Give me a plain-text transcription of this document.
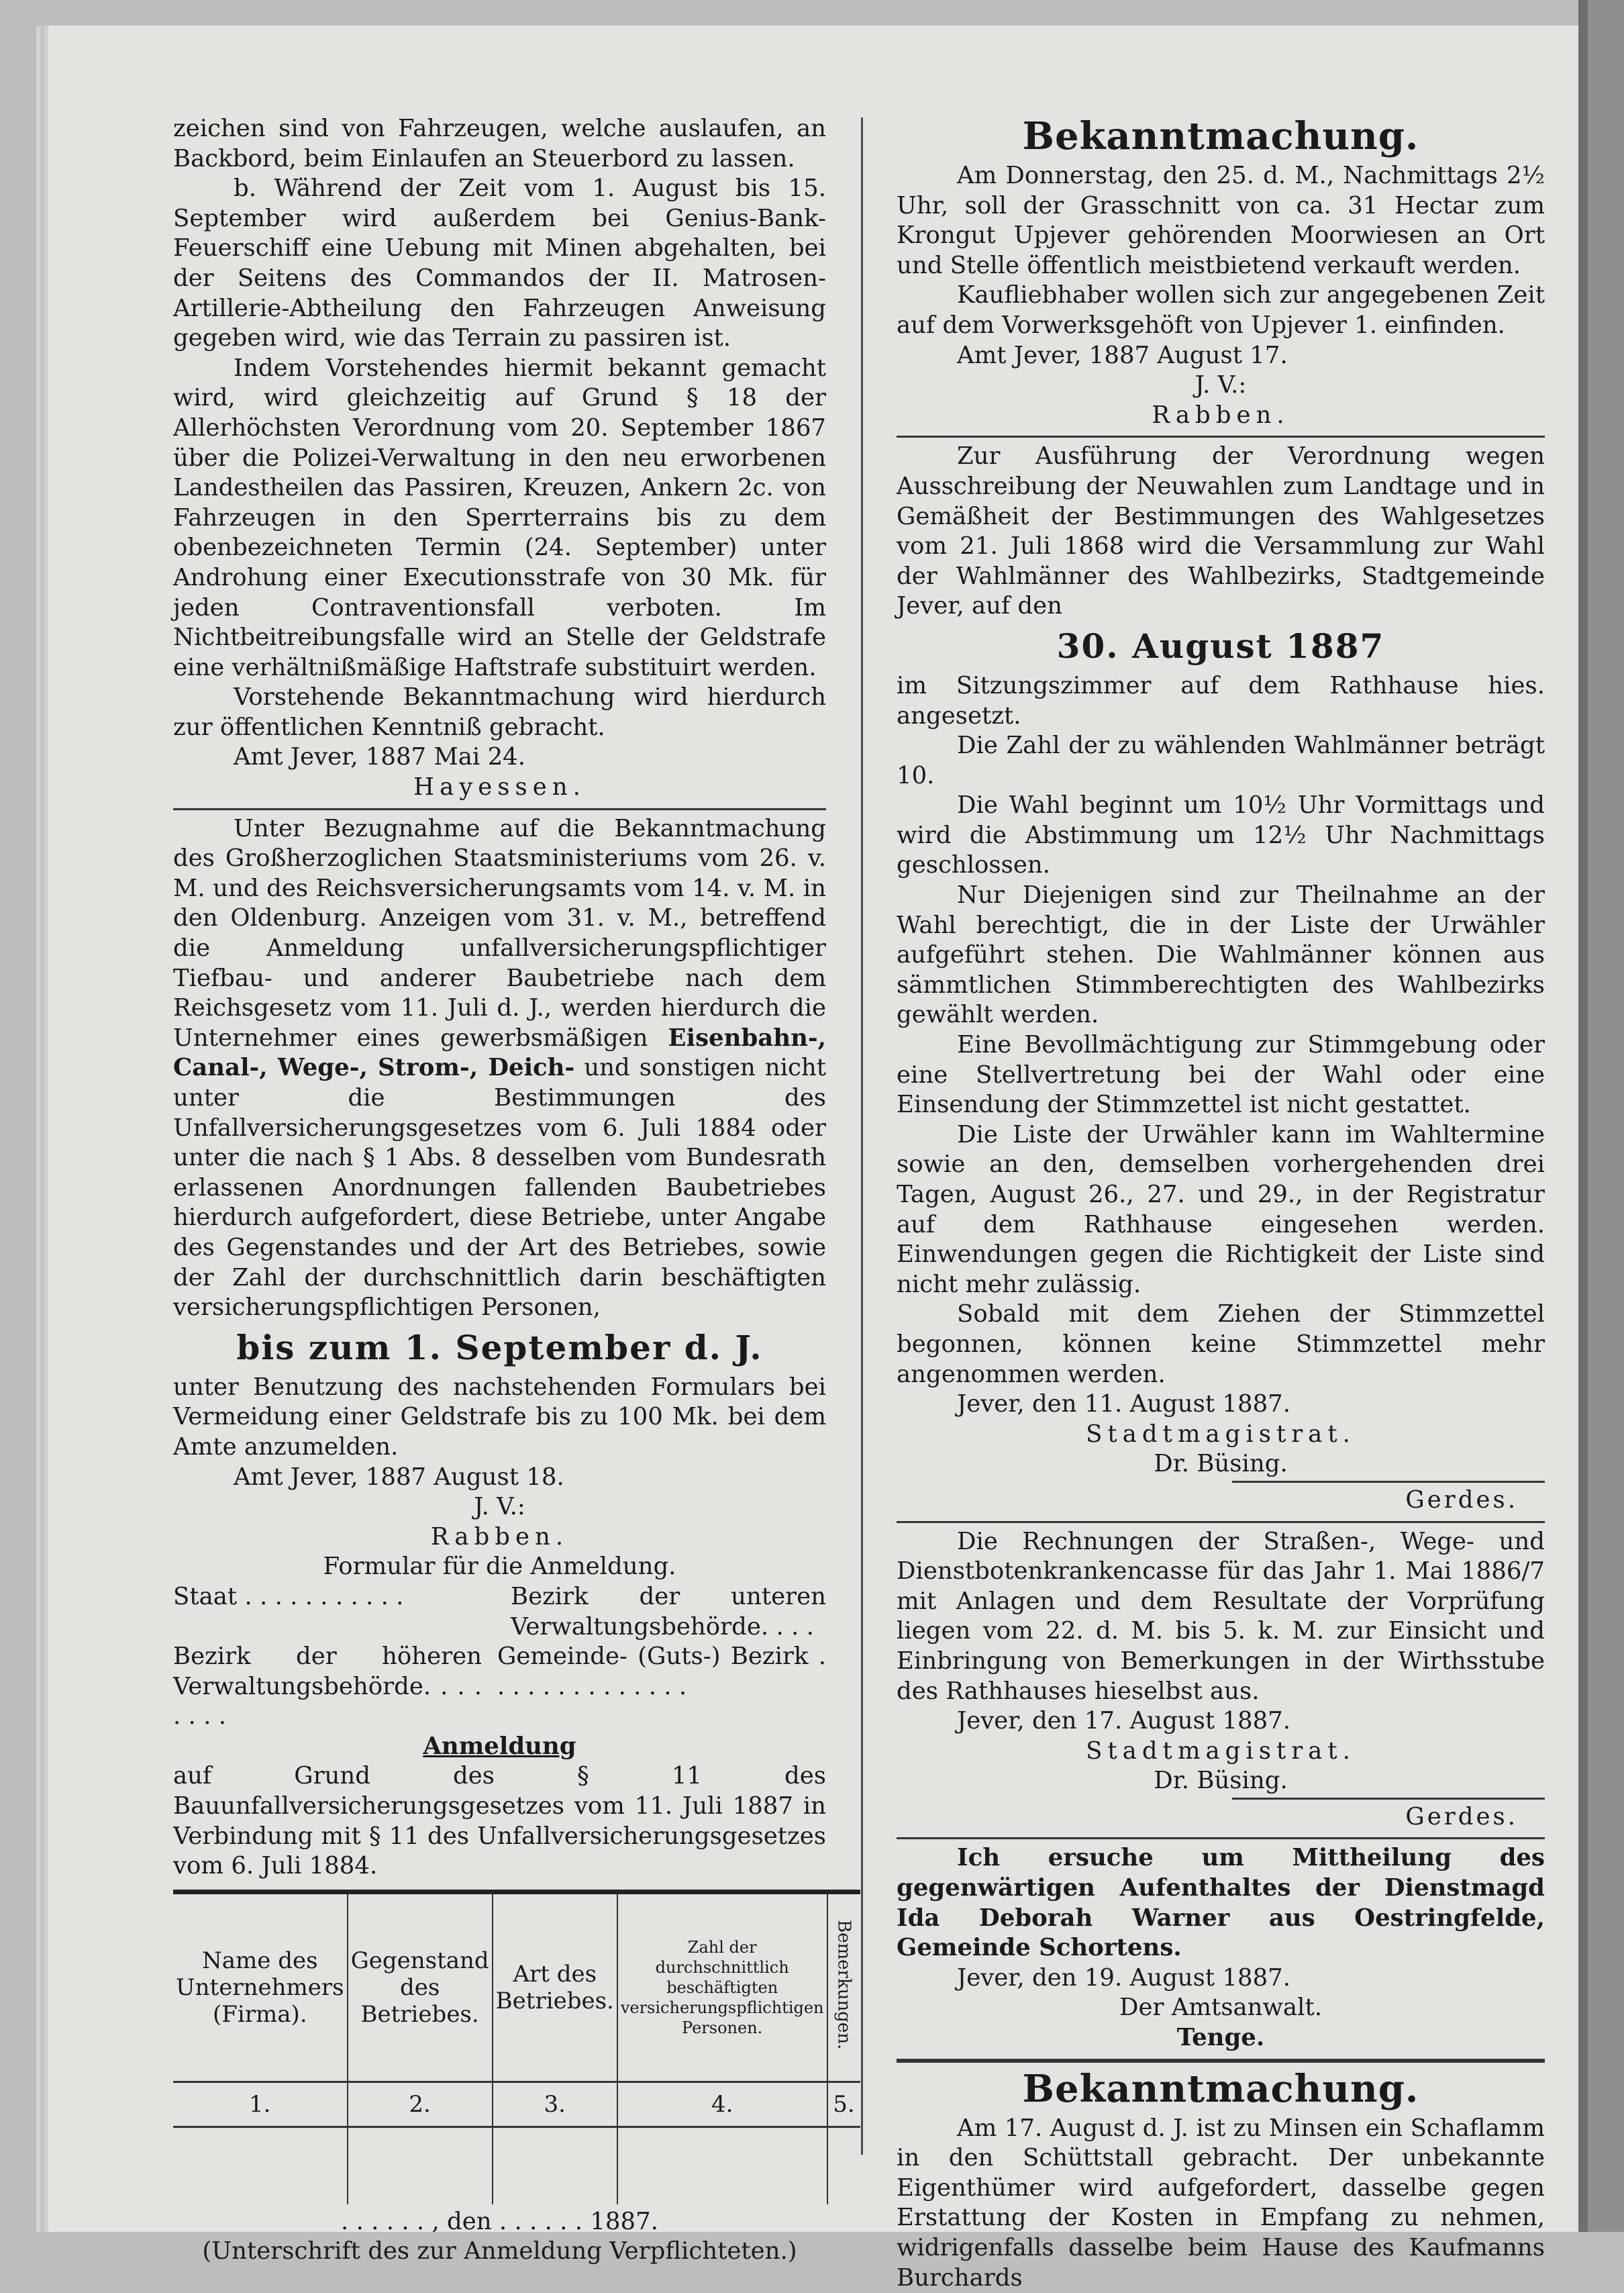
zeichen sind von Fahrzeugen, welche auslaufen, an Backbord, beim Einlaufen an Steuerbord zu lassen.

b. Während der Zeit vom 1. August bis 15. September wird außerdem bei Genius-Bank-Feuerschiff eine Uebung mit Minen abgehalten, bei der Seitens des Commandos der II. Matrosen-Artillerie-Abtheilung den Fahrzeugen Anweisung gegeben wird, wie das Terrain zu passiren ist.

Indem Vorstehendes hiermit bekannt gemacht wird, wird gleichzeitig auf Grund § 18 der Allerhöchsten Verordnung vom 20. September 1867 über die Polizei-Verwaltung in den neu erworbenen Landestheilen das Passiren, Kreuzen, Ankern 2c. von Fahrzeugen in den Sperrterrains bis zu dem obenbezeichneten Termin (24. September) unter Androhung einer Executionsstrafe von 30 Mk. für jeden Contraventionsfall verboten. Im Nichtbeitreibungsfalle wird an Stelle der Geldstrafe eine verhältnißmäßige Haftstrafe substituirt werden.

Vorstehende Bekanntmachung wird hierdurch zur öffentlichen Kenntniß gebracht.

Amt Jever, 1887 Mai 24.

Hayessen.

Unter Bezugnahme auf die Bekanntmachung des Großherzoglichen Staatsministeriums vom 26. v. M. und des Reichsversicherungsamts vom 14. v. M. in den Oldenburg. Anzeigen vom 31. v. M., betreffend die Anmeldung unfallversicherungspflichtiger Tiefbau- und anderer Baubetriebe nach dem Reichsgesetz vom 11. Juli d. J., werden hierdurch die Unternehmer eines gewerbsmäßigen Eisenbahn-, Canal-, Wege-, Strom-, Deich- und sonstigen nicht unter die Bestimmungen des Unfallversicherungsgesetzes vom 6. Juli 1884 oder unter die nach § 1 Abs. 8 desselben vom Bundesrath erlassenen Anordnungen fallenden Baubetriebes hierdurch aufgefordert, diese Betriebe, unter Angabe des Gegenstandes und der Art des Betriebes, sowie der Zahl der durchschnittlich darin beschäftigten versicherungspflichtigen Personen,

bis zum 1. September d. J.

unter Benutzung des nachstehenden Formulars bei Vermeidung einer Geldstrafe bis zu 100 Mk. bei dem Amte anzumelden.

Amt Jever, 1887 August 18.

J. V.:

Rabben.

Formular für die Anmeldung.

Staat . . . . . . . . . . .	Bezirk der unteren Verwaltungsbehörde. . . .
Bezirk der höheren Verwaltungsbehörde. . . . . . . .
Gemeinde- (Guts-) Bezirk . . . . . . . . . . . . . .

Anmeldung

auf Grund des § 11 des Bauunfallversicherungsgesetzes vom 11. Juli 1887 in Verbindung mit § 11 des Unfallversicherungsgesetzes vom 6. Juli 1884.

Name des Unternehmers (Firma).	Gegenstand des Betriebes.	Art des Betriebes.	Zahl der durchschnittlich beschäftigten versicherungspflichtigen Personen.	Bemerkungen.
1.	2.	3.	4.	5.

. . . . . . , den . . . . . . 1887.

(Unterschrift des zur Anmeldung Verpflichteten.)

Bekanntmachung.

Am Donnerstag, den 25. d. M., Nachmittags 2½ Uhr, soll der Grasschnitt von ca. 31 Hectar zum Krongut Upjever gehörenden Moorwiesen an Ort und Stelle öffentlich meistbietend verkauft werden.

Kaufliebhaber wollen sich zur angegebenen Zeit auf dem Vorwerksgehöft von Upjever 1. einfinden.

Amt Jever, 1887 August 17.

J. V.:

Rabben.

Zur Ausführung der Verordnung wegen Ausschreibung der Neuwahlen zum Landtage und in Gemäßheit der Bestimmungen des Wahlgesetzes vom 21. Juli 1868 wird die Versammlung zur Wahl der Wahlmänner des Wahlbezirks, Stadtgemeinde Jever, auf den

30. August 1887

im Sitzungszimmer auf dem Rathhause hies. angesetzt.

Die Zahl der zu wählenden Wahlmänner beträgt 10.

Die Wahl beginnt um 10½ Uhr Vormittags und wird die Abstimmung um 12½ Uhr Nachmittags geschlossen.

Nur Diejenigen sind zur Theilnahme an der Wahl berechtigt, die in der Liste der Urwähler aufgeführt stehen. Die Wahlmänner können aus sämmtlichen Stimmberechtigten des Wahlbezirks gewählt werden.

Eine Bevollmächtigung zur Stimmgebung oder eine Stellvertretung bei der Wahl oder eine Einsendung der Stimmzettel ist nicht gestattet.

Die Liste der Urwähler kann im Wahltermine sowie an den, demselben vorhergehenden drei Tagen, August 26., 27. und 29., in der Registratur auf dem Rathhause eingesehen werden. Einwendungen gegen die Richtigkeit der Liste sind nicht mehr zulässig.

Sobald mit dem Ziehen der Stimmzettel begonnen, können keine Stimmzettel mehr angenommen werden.

Jever, den 11. August 1887.

Stadtmagistrat.

Dr. Büsing.

Gerdes.

Die Rechnungen der Straßen-, Wege- und Dienstbotenkrankencasse für das Jahr 1. Mai 1886/7 mit Anlagen und dem Resultate der Vorprüfung liegen vom 22. d. M. bis 5. k. M. zur Einsicht und Einbringung von Bemerkungen in der Wirthsstube des Rathhauses hieselbst aus.

Jever, den 17. August 1887.

Stadtmagistrat.

Dr. Büsing.

Gerdes.

Ich ersuche um Mittheilung des gegenwärtigen Aufenthaltes der Dienstmagd Ida Deborah Warner aus Oestringfelde, Gemeinde Schortens.

Jever, den 19. August 1887.

Der Amtsanwalt.

Tenge.

Bekanntmachung.

Am 17. August d. J. ist zu Minsen ein Schaflamm in den Schüttstall gebracht. Der unbekannte Eigenthümer wird aufgefordert, dasselbe gegen Erstattung der Kosten in Empfang zu nehmen, widrigenfalls dasselbe beim Hause des Kaufmanns Burchards
